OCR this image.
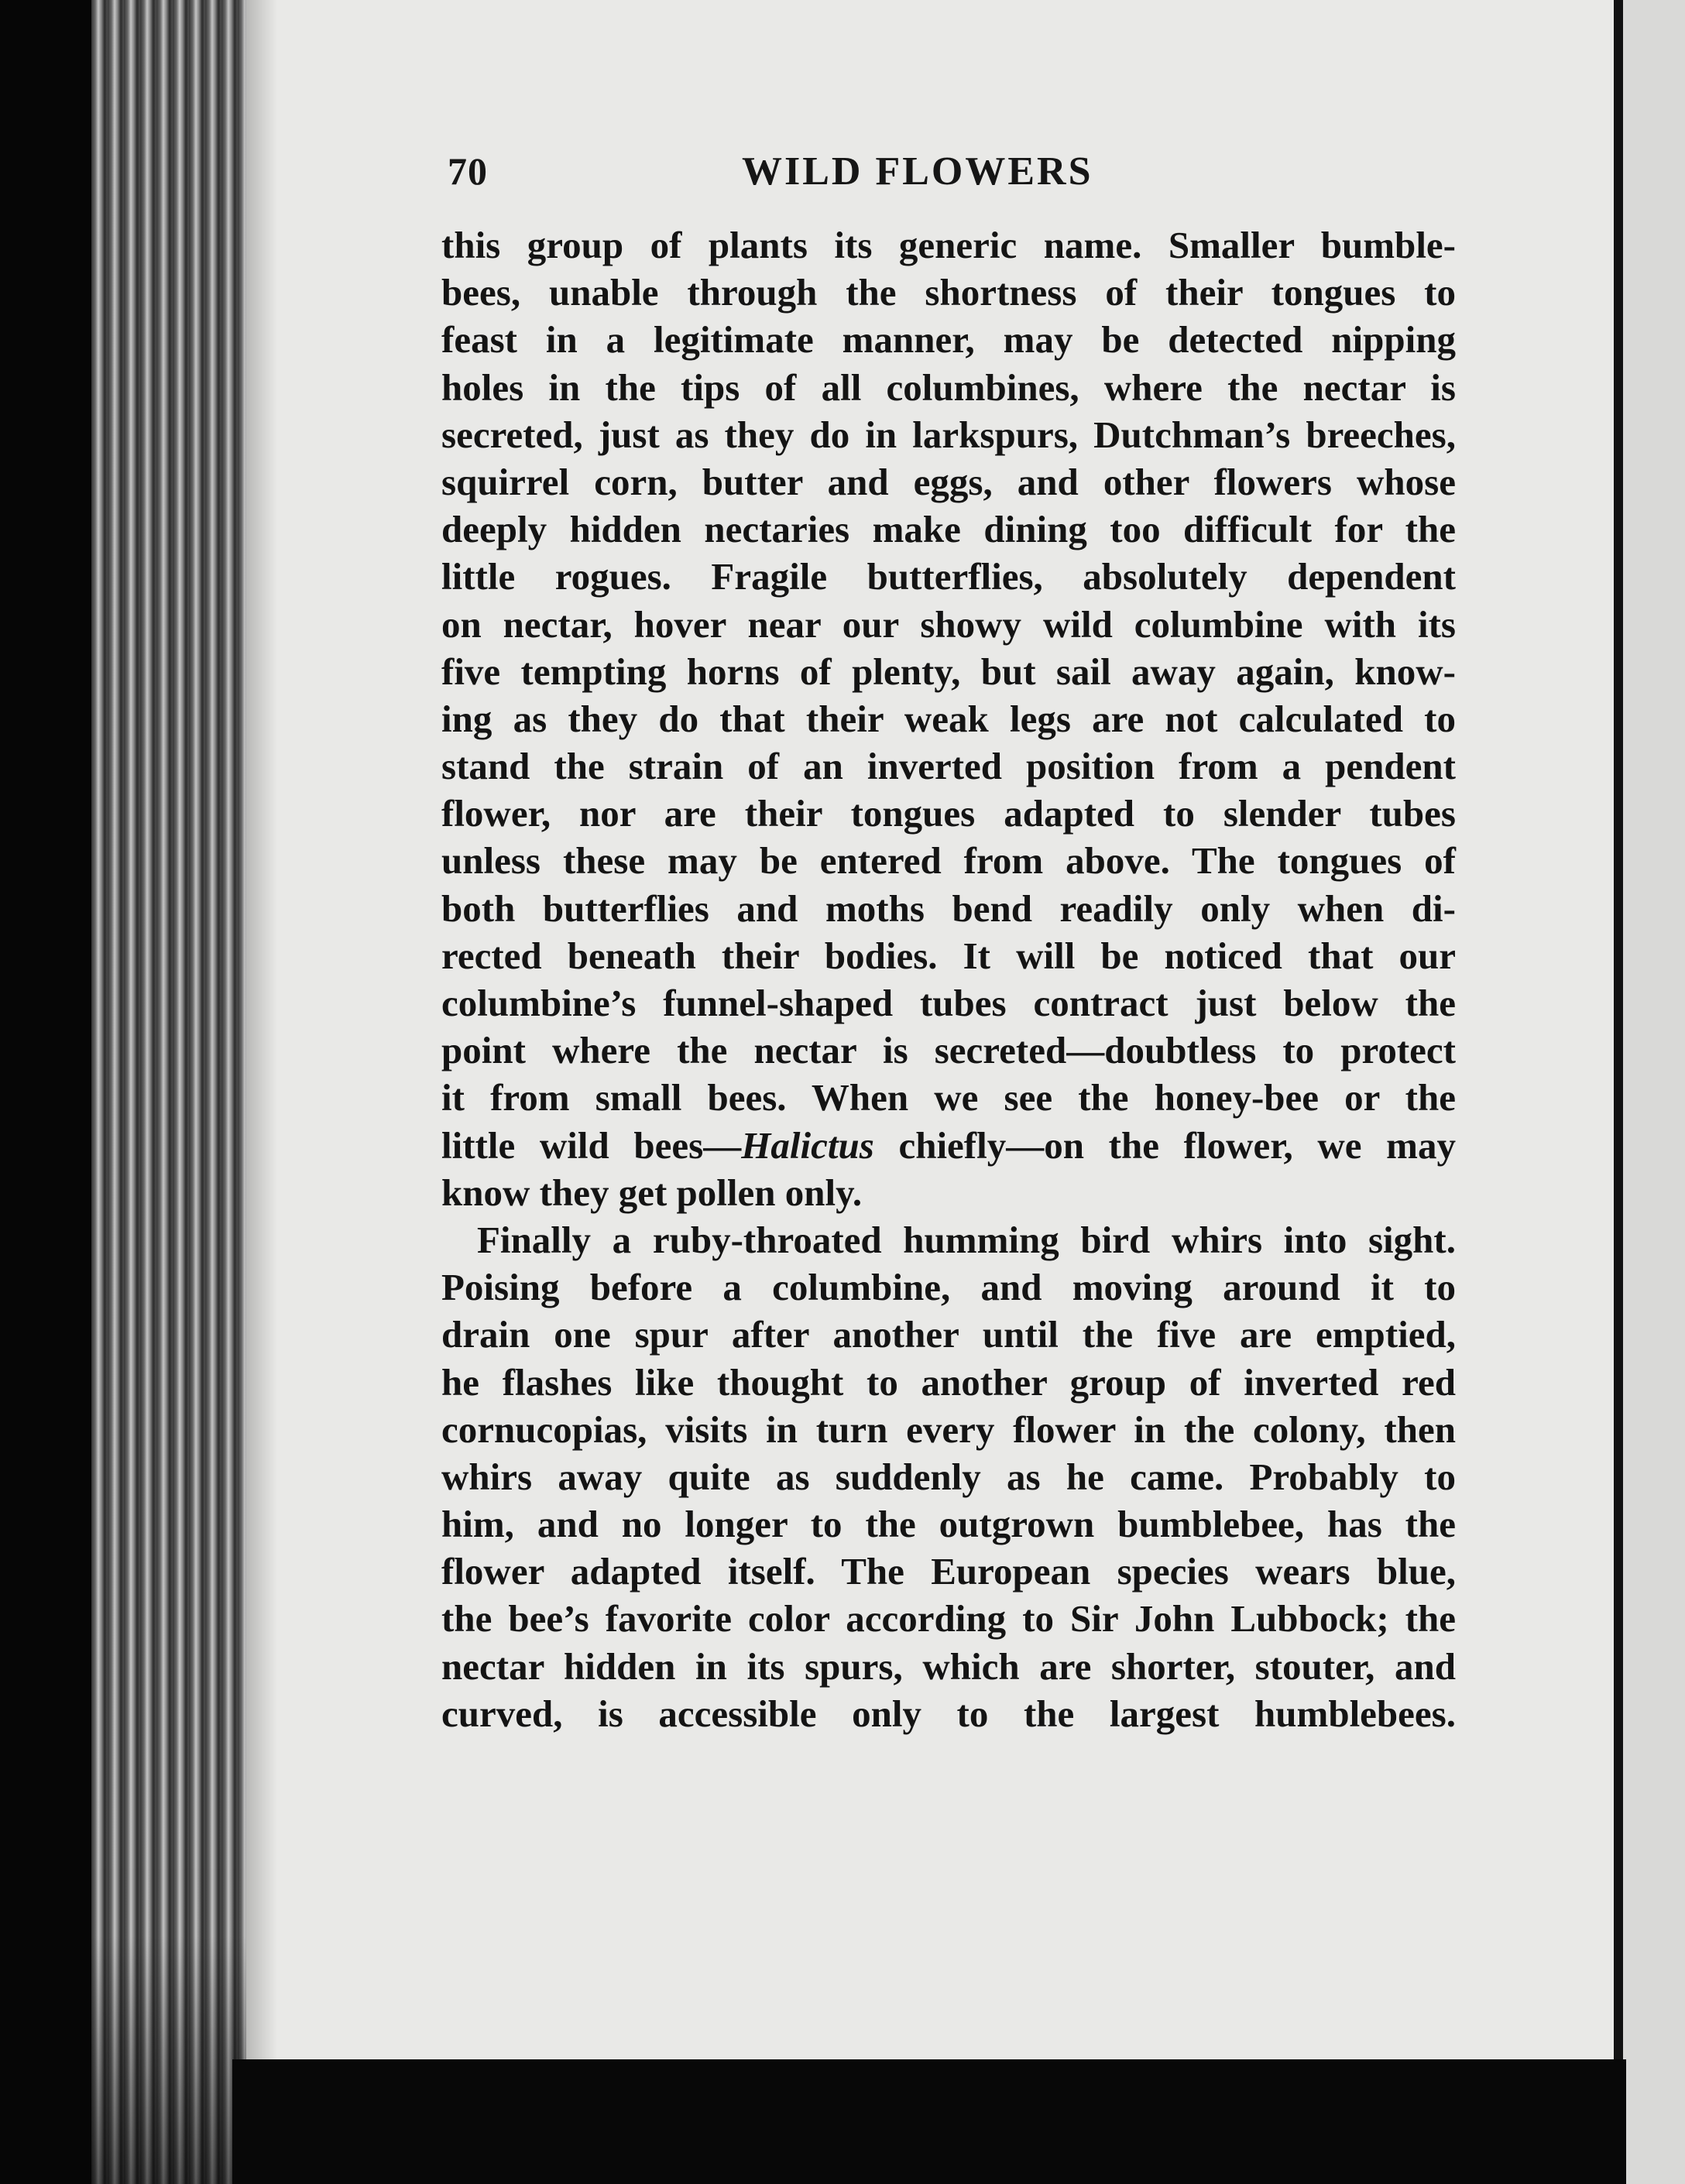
70	WILD FLOWERS
this group of plants its generic name. Smaller bumble-
bees, unable through the shortness of their tongues to
feast in a legitimate manner, may be detected nipping
holes in the tips of all columbines, where the nectar is
secreted, just as they do in larkspurs, Dutchman’s breeches,
squirrel corn, butter and eggs, and other flowers whose
deeply hidden nectaries make dining too difficult for the
little rogues. Fragile butterflies, absolutely dependent
on nectar, hover near our showy wild columbine with its
five tempting horns of plenty, but sail away again, know-
ing as they do that their weak legs are not calculated to
stand the strain of an inverted position from a pendent
flower, nor are their tongues adapted to slender tubes
unless these may be entered from above. The tongues of
both butterflies and moths bend readily only when di-
rected beneath their bodies. It will be noticed that our
columbine’s funnel-shaped tubes contract just below the
point where the nectar is secreted—doubtless to protect
it from small bees. When we see the honey-bee or the
little wild bees—Halictus chiefly—on the flower, we may
know they get pollen only.
Finally a ruby-throated humming bird whirs into sight.
Poising before a columbine, and moving around it to
drain one spur after another until the five are emptied,
he flashes like thought to another group of inverted red
cornucopias, visits in turn every flower in the colony, then
whirs away quite as suddenly as he came. Probably to
him, and no longer to the outgrown bumblebee, has the
flower adapted itself. The European species wears blue,
the bee’s favorite color according to Sir John Lubbock; the
nectar hidden in its spurs, which are shorter, stouter, and
curved, is accessible only to the largest humblebees.
